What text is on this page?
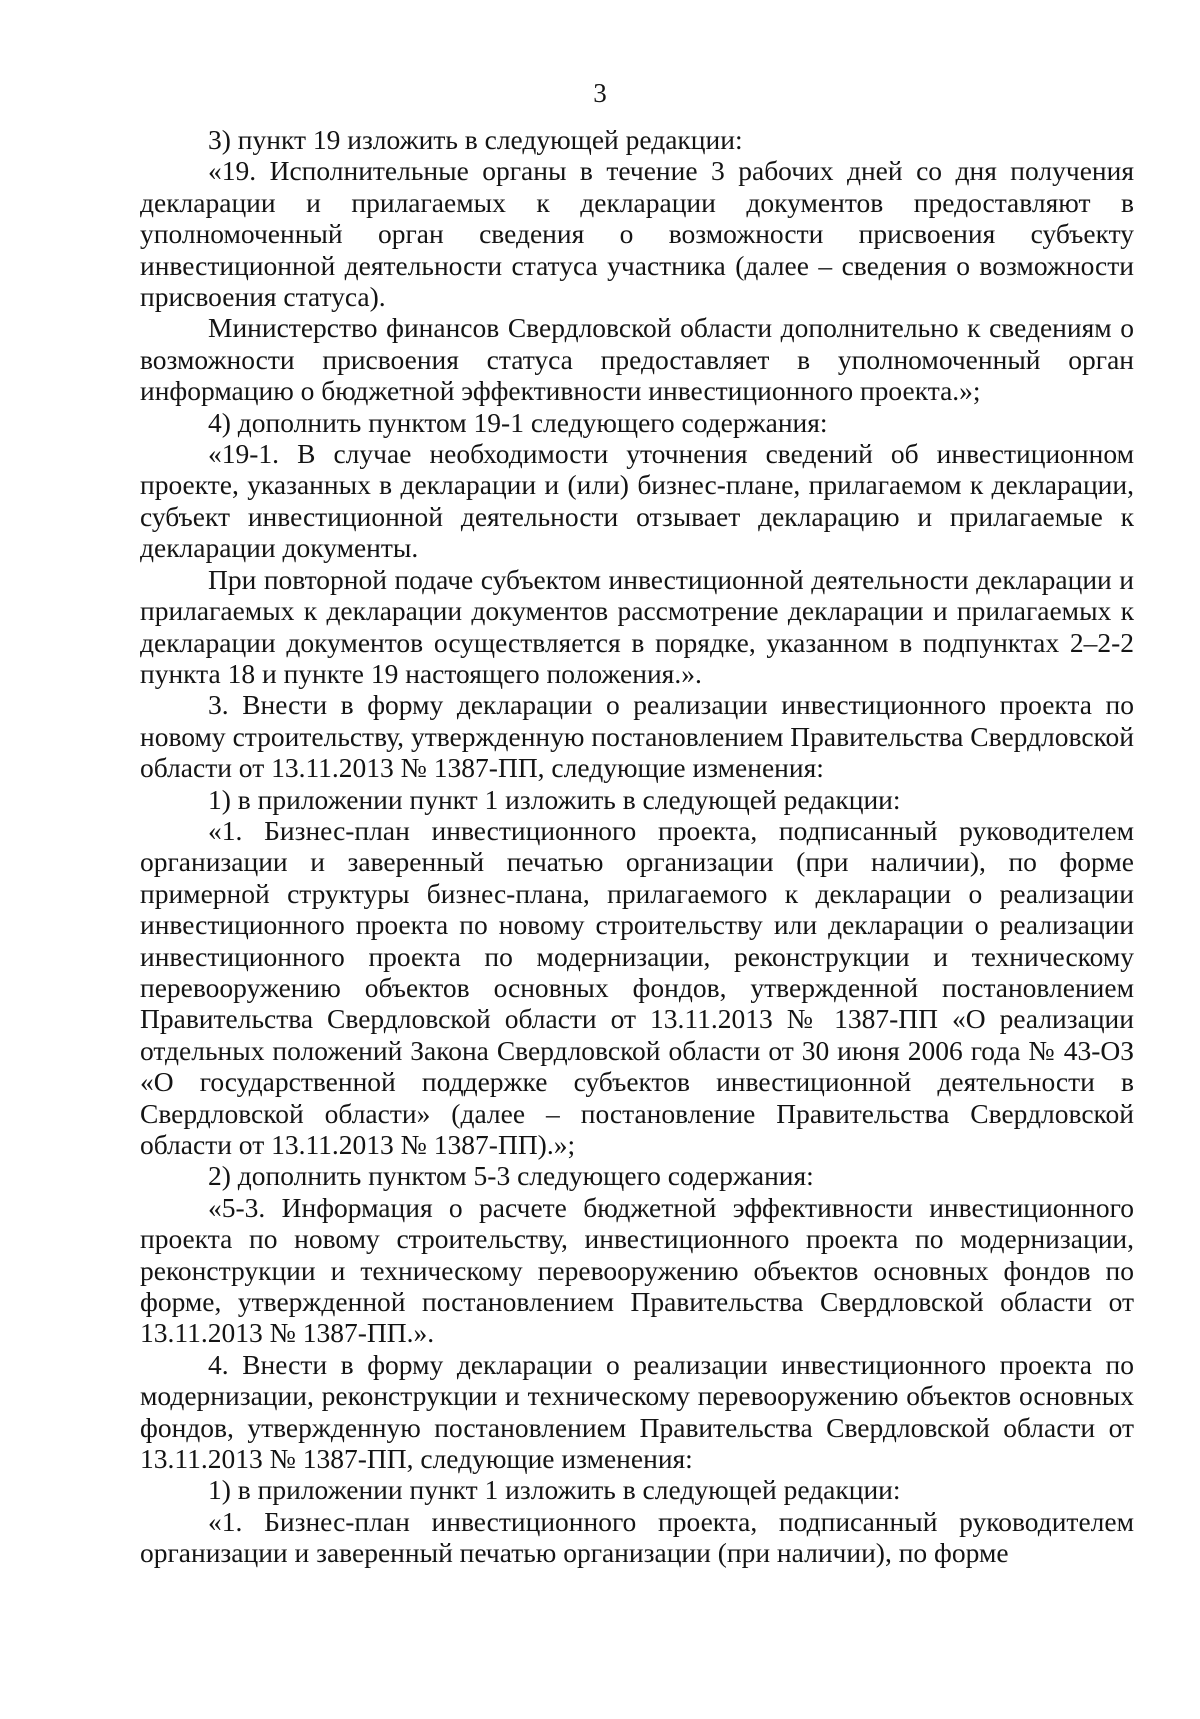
3

3) пункт 19 изложить в следующей редакции:

«19. Исполнительные органы в течение 3 рабочих дней со дня получения декларации и прилагаемых к декларации документов предоставляют в уполномоченный орган сведения о возможности присвоения субъекту инвестиционной деятельности статуса участника (далее – сведения о возможности присвоения статуса).

Министерство финансов Свердловской области дополнительно к сведениям о возможности присвоения статуса предоставляет в уполномоченный орган информацию о бюджетной эффективности инвестиционного проекта.»;

4) дополнить пунктом 19-1 следующего содержания:

«19-1. В случае необходимости уточнения сведений об инвестиционном проекте, указанных в декларации и (или) бизнес-плане, прилагаемом к декларации, субъект инвестиционной деятельности отзывает декларацию и прилагаемые к декларации документы.

При повторной подаче субъектом инвестиционной деятельности декларации и прилагаемых к декларации документов рассмотрение декларации и прилагаемых к декларации документов осуществляется в порядке, указанном в подпунктах 2–2-2 пункта 18 и пункте 19 настоящего положения.».

3. Внести в форму декларации о реализации инвестиционного проекта по новому строительству, утвержденную постановлением Правительства Свердловской области от 13.11.2013 № 1387-ПП, следующие изменения:

1) в приложении пункт 1 изложить в следующей редакции:

«1. Бизнес-план инвестиционного проекта, подписанный руководителем организации и заверенный печатью организации (при наличии), по форме примерной структуры бизнес-плана, прилагаемого к декларации о реализации инвестиционного проекта по новому строительству или декларации о реализации инвестиционного проекта по модернизации, реконструкции и техническому перевооружению объектов основных фондов, утвержденной постановлением Правительства Свердловской области от 13.11.2013 № 1387-ПП «О реализации отдельных положений Закона Свердловской области от 30 июня 2006 года № 43-ОЗ «О государственной поддержке субъектов инвестиционной деятельности в Свердловской области» (далее – постановление Правительства Свердловской области от 13.11.2013 № 1387-ПП).»;

2) дополнить пунктом 5-3 следующего содержания:

«5-3. Информация о расчете бюджетной эффективности инвестиционного проекта по новому строительству, инвестиционного проекта по модернизации, реконструкции и техническому перевооружению объектов основных фондов по форме, утвержденной постановлением Правительства Свердловской области от 13.11.2013 № 1387-ПП.».

4. Внести в форму декларации о реализации инвестиционного проекта по модернизации, реконструкции и техническому перевооружению объектов основных фондов, утвержденную постановлением Правительства Свердловской области от 13.11.2013 № 1387-ПП, следующие изменения:

1) в приложении пункт 1 изложить в следующей редакции:

«1. Бизнес-план инвестиционного проекта, подписанный руководителем организации и заверенный печатью организации (при наличии), по форме
